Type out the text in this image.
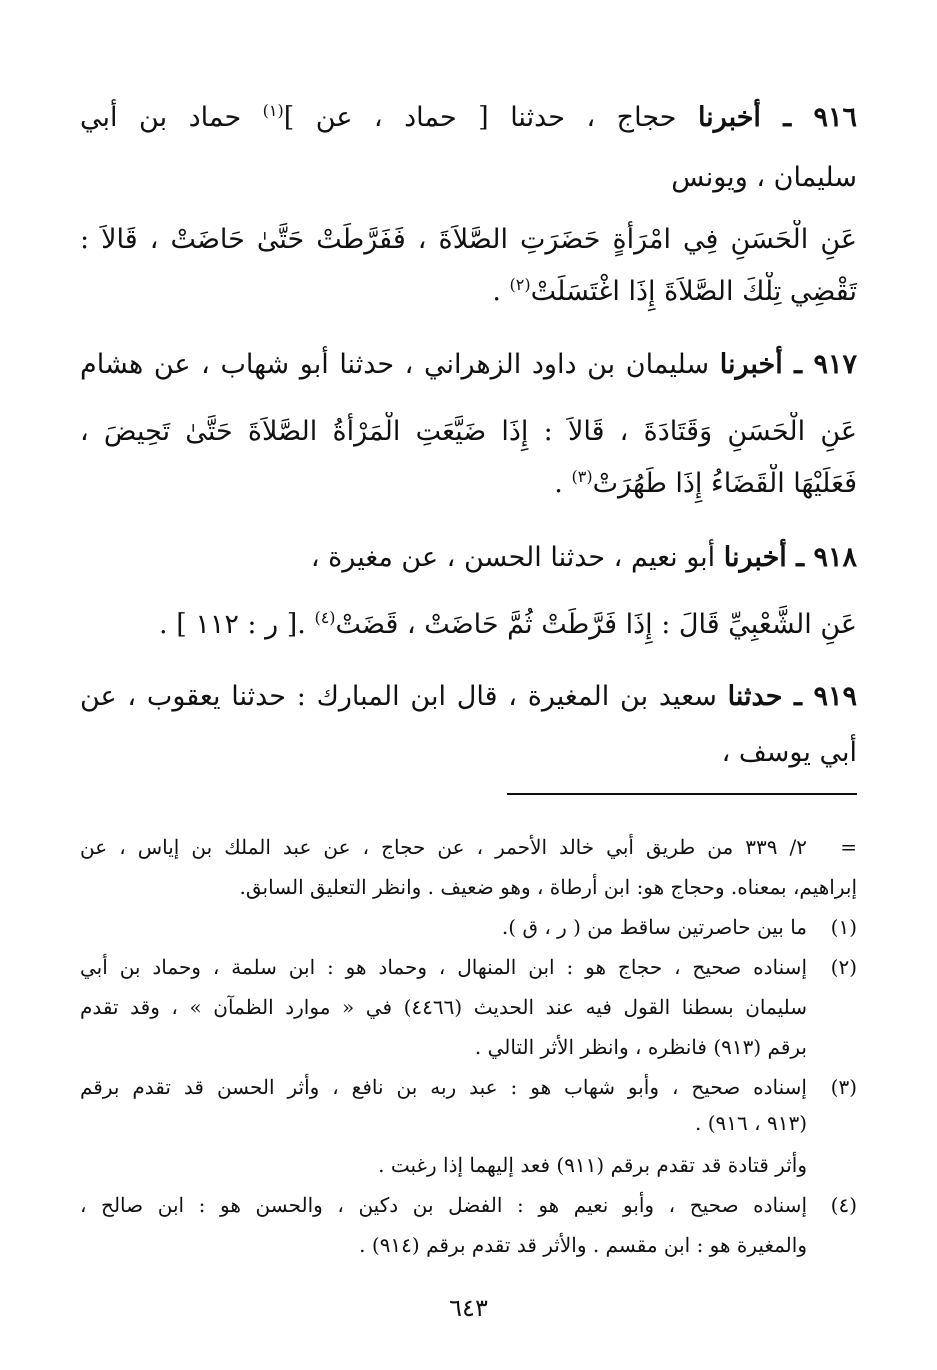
٩١٦ ـ أخبرنا حجاج ، حدثنا [ حماد ، عن ]$^{(١)}$ حماد بن أبي
سليمان ، ويونس
عَنِ الْحَسَنِ فِي امْرَأَةٍ حَضَرَتِ الصَّلاَةَ ، فَفَرَّطَتْ حَتَّىٰ حَاضَتْ ، قَالاَ :
تَقْضِي تِلْكَ الصَّلاَةَ إِذَا اغْتَسَلَتْ$^{(٢)}$ .
٩١٧ ـ أخبرنا سليمان بن داود الزهراني ، حدثنا أبو شهاب ، عن هشام
عَنِ الْحَسَنِ وَقَتَادَةَ ، قَالاَ : إِذَا ضَيَّعَتِ الْمَرْأَةُ الصَّلاَةَ حَتَّىٰ تَحِيضَ ،
فَعَلَيْهَا الْقَضَاءُ إِذَا طَهُرَتْ$^{(٣)}$ .
٩١٨ ـ أخبرنا أبو نعيم ، حدثنا الحسن ، عن مغيرة ،
عَنِ الشَّعْبِيِّ قَالَ : إِذَا فَرَّطَتْ ثُمَّ حَاضَتْ ، قَضَتْ$^{(٤)}$ .[ ر : ١١٢ ] .
٩١٩ ـ حدثنا سعيد بن المغيرة ، قال ابن المبارك : حدثنا يعقوب ، عن
أبي يوسف ،
=
٢/ ٣٣٩ من طريق أبي خالد الأحمر ، عن حجاج ، عن عبد الملك بن إياس ، عن
إبراهيم، بمعناه. وحجاج هو: ابن أرطاة ، وهو ضعيف . وانظر التعليق السابق.
(١)
ما بين حاصرتين ساقط من ( ر ، ق ).
(٢)
إسناده صحيح ، حجاج هو : ابن المنهال ، وحماد هو : ابن سلمة ، وحماد بن أبي
سليمان بسطنا القول فيه عند الحديث (٤٤٦٦) في « موارد الظمآن » ، وقد تقدم
برقم (٩١٣) فانظره ، وانظر الأثر التالي .
(٣)
إسناده صحيح ، وأبو شهاب هو : عبد ربه بن نافع ، وأثر الحسن قد تقدم برقم
(٩١٣ ، ٩١٦) .
وأثر قتادة قد تقدم برقم (٩١١) فعد إليهما إذا رغبت .
(٤)
إسناده صحيح ، وأبو نعيم هو : الفضل بن دكين ، والحسن هو : ابن صالح ،
والمغيرة هو : ابن مقسم . والأثر قد تقدم برقم (٩١٤) .
٦٤٣
